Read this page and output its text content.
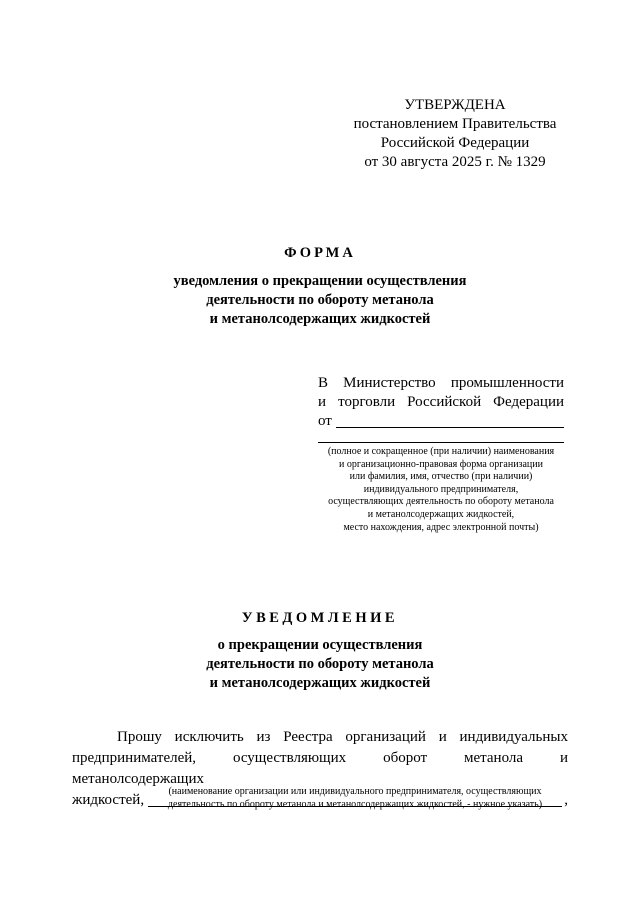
УТВЕРЖДЕНА
постановлением Правительства
Российской Федерации
от 30 августа 2025 г. № 1329
ФОРМА
уведомления о прекращении осуществления
деятельности по обороту метанола
и метанолсодержащих жидкостей
В Министерство промышленности
и торговли Российской Федерации
от
(полное и сокращенное (при наличии) наименования
и организационно-правовая форма организации
или фамилия, имя, отчество (при наличии)
индивидуального предпринимателя,
осуществляющих деятельность по обороту метанола
и метанолсодержащих жидкостей,
место нахождения, адрес электронной почты)
УВЕДОМЛЕНИЕ
о прекращении осуществления
деятельности по обороту метанола
и метанолсодержащих жидкостей
Прошу исключить из Реестра организаций и индивидуальных
предпринимателей, осуществляющих оборот метанола и метанолсодержащих
жидкостей,	,
(наименование организации или индивидуального предпринимателя, осуществляющих
деятельность по обороту метанола и метанолсодержащих жидкостей, - нужное указать)
